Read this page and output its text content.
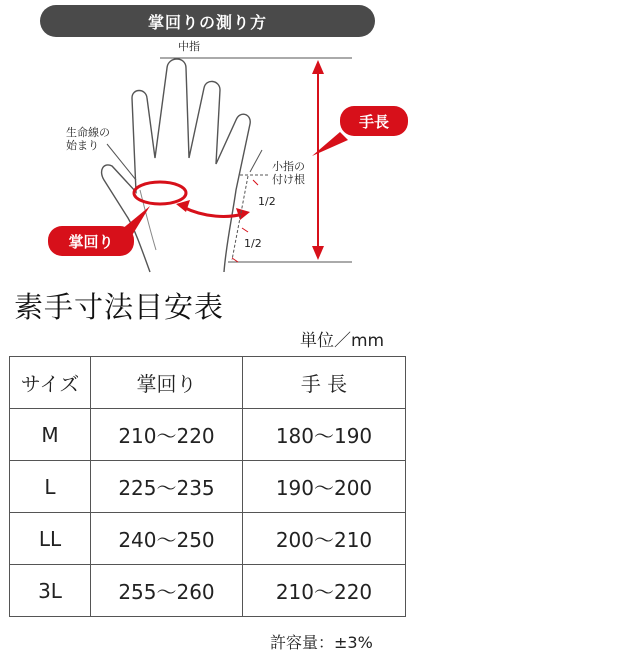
掌回りの測り方
中指
生命線の
始まり
小指の
付け根
1/2
1/2
手長
掌回り
素手寸法目安表
単位／mm
サイズ	掌回り	手 長
M	210〜220	180〜190
L	225〜235	190〜200
LL	240〜250	200〜210
3L	255〜260	210〜220
許容量：±3%
